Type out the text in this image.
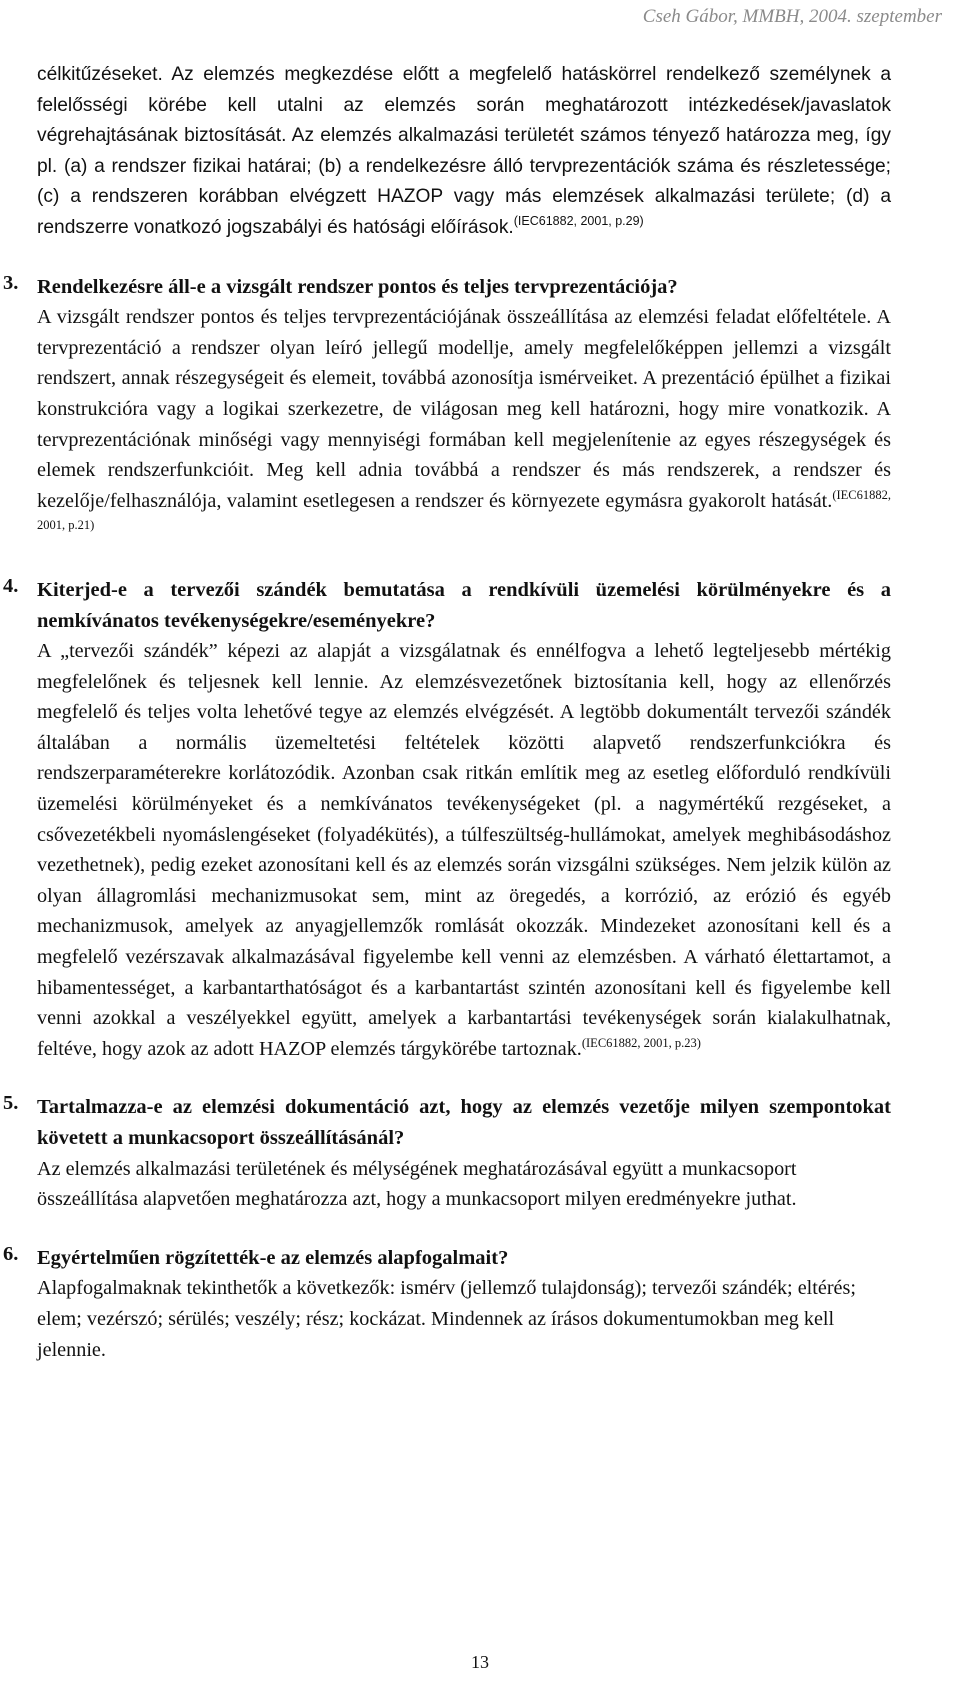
Cseh Gábor, MMBH, 2004. szeptember

célkitűzéseket. Az elemzés megkezdése előtt a megfelelő hatáskörrel rendelkező személynek a felelősségi körébe kell utalni az elemzés során meghatározott intézkedések/javaslatok végrehajtásának biztosítását. Az elemzés alkalmazási területét számos tényező határozza meg, így pl. (a) a rendszer fizikai határai; (b) a rendelkezésre álló tervprezentációk száma és részletessége; (c) a rendszeren korábban elvégzett HAZOP vagy más elemzések alkalmazási területe; (d) a rendszerre vonatkozó jogszabályi és hatósági előírások.$^{(IEC61882, 2001, p.29)}$

3. Rendelkezésre áll-e a vizsgált rendszer pontos és teljes tervprezentációja?

A vizsgált rendszer pontos és teljes tervprezentációjának összeállítása az elemzési feladat előfeltétele. A tervprezentáció a rendszer olyan leíró jellegű modellje, amely megfelelőképpen jellemzi a vizsgált rendszert, annak részegységeit és elemeit, továbbá azonosítja ismérveiket. A prezentáció épülhet a fizikai konstrukcióra vagy a logikai szerkezetre, de világosan meg kell határozni, hogy mire vonatkozik. A tervprezentációnak minőségi vagy mennyiségi formában kell megjelenítenie az egyes részegységek és elemek rendszerfunkcióit. Meg kell adnia továbbá a rendszer és más rendszerek, a rendszer és kezelője/felhasználója, valamint esetlegesen a rendszer és környezete egymásra gyakorolt hatását.$^{(IEC61882, 2001, p.21)}$

4. Kiterjed-e a tervezői szándék bemutatása a rendkívüli üzemelési körülményekre és a nemkívánatos tevékenységekre/eseményekre?

A „tervezői szándék” képezi az alapját a vizsgálatnak és ennélfogva a lehető legteljesebb mértékig megfelelőnek és teljesnek kell lennie. Az elemzésvezetőnek biztosítania kell, hogy az ellenőrzés megfelelő és teljes volta lehetővé tegye az elemzés elvégzését. A legtöbb dokumentált tervezői szándék általában a normális üzemeltetési feltételek közötti alapvető rendszerfunkciókra és rendszerparaméterekre korlátozódik. Azonban csak ritkán említik meg az esetleg előforduló rendkívüli üzemelési körülményeket és a nemkívánatos tevékenységeket (pl. a nagymértékű rezgéseket, a csővezetékbeli nyomáslengéseket (folyadékütés), a túlfeszültség-hullámokat, amelyek meghibásodáshoz vezethetnek), pedig ezeket azonosítani kell és az elemzés során vizsgálni szükséges. Nem jelzik külön az olyan állagromlási mechanizmusokat sem, mint az öregedés, a korrózió, az erózió és egyéb mechanizmusok, amelyek az anyagjellemzők romlását okozzák. Mindezeket azonosítani kell és a megfelelő vezérszavak alkalmazásával figyelembe kell venni az elemzésben. A várható élettartamot, a hibamentességet, a karbantarthatóságot és a karbantartást szintén azonosítani kell és figyelembe kell venni azokkal a veszélyekkel együtt, amelyek a karbantartási tevékenységek során kialakulhatnak, feltéve, hogy azok az adott HAZOP elemzés tárgykörébe tartoznak.$^{(IEC61882, 2001, p.23)}$

5. Tartalmazza-e az elemzési dokumentáció azt, hogy az elemzés vezetője milyen szempontokat követett a munkacsoport összeállításánál?

Az elemzés alkalmazási területének és mélységének meghatározásával együtt a munkacsoport összeállítása alapvetően meghatározza azt, hogy a munkacsoport milyen eredményekre juthat.

6. Egyértelműen rögzítették-e az elemzés alapfogalmait?

Alapfogalmaknak tekinthetők a következők: ismérv (jellemző tulajdonság); tervezői szándék; eltérés; elem; vezérszó; sérülés; veszély; rész; kockázat. Mindennek az írásos dokumentumokban meg kell jelennie.

13
